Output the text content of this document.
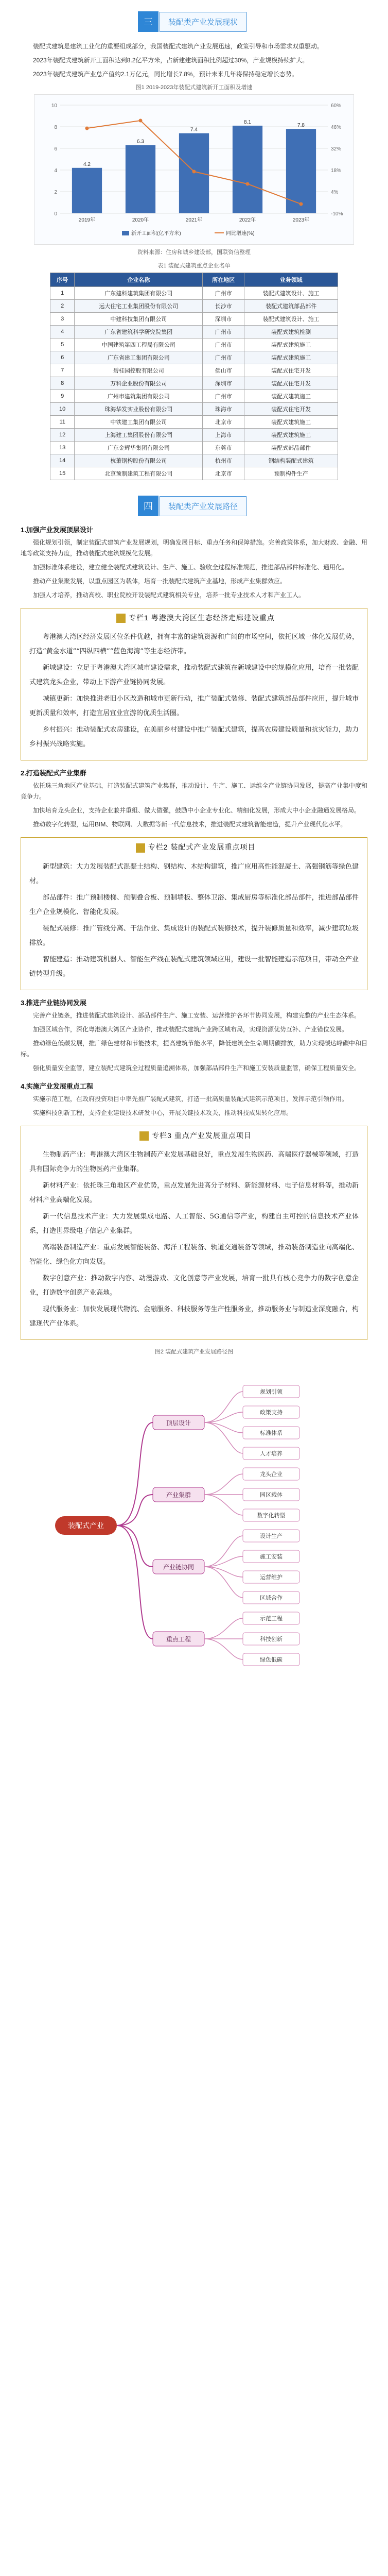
三	装配类产业发展现状

装配式建筑是建筑工业化的重要组成部分，我国装配式建筑产业发展迅速，政策引导和市场需求双重驱动。

2023年装配式建筑新开工面积达到8.2亿平方米，占新建建筑面积比例超过30%，产业规模持续扩大。

2023年装配式建筑产业总产值约2.1万亿元，同比增长7.8%，预计未来几年将保持稳定增长态势。

图1 2019-2023年装配式建筑新开工面积及增速
0	-10%
2	4%
4	18%
6	32%
8	46%
10	60%
4.2
2019年
6.3
2020年
7.4
2021年
8.1
2022年
7.8
2023年
新开工面积(亿平方米)	同比增速(%)
资料来源：住房和城乡建设部，国联资信整理
表1 装配式建筑重点企业名单
序号	企业名称	所在地区	业务领域
1	广东建科建筑集团有限公司	广州市	装配式建筑设计、施工
2	远大住宅工业集团股份有限公司	长沙市	装配式建筑部品部件
3	中建科技集团有限公司	深圳市	装配式建筑设计、施工
4	广东省建筑科学研究院集团	广州市	装配式建筑检测
5	中国建筑第四工程局有限公司	广州市	装配式建筑施工
6	广东省建工集团有限公司	广州市	装配式建筑施工
7	碧桂园控股有限公司	佛山市	装配式住宅开发
8	万科企业股份有限公司	深圳市	装配式住宅开发
9	广州市建筑集团有限公司	广州市	装配式建筑施工
10	珠海华发实业股份有限公司	珠海市	装配式住宅开发
11	中铁建工集团有限公司	北京市	装配式建筑施工
12	上海建工集团股份有限公司	上海市	装配式建筑施工
13	广东金辉华集团有限公司	东莞市	装配式部品部件
14	杭萧钢构股份有限公司	杭州市	钢结构装配式建筑
15	北京预制建筑工程有限公司	北京市	预制构件生产
四	装配类产业发展路径
1.加强产业发展顶层设计

强化规划引领，制定装配式建筑产业发展规划，明确发展目标、重点任务和保障措施。完善政策体系，加大财政、金融、用地等政策支持力度，推动装配式建筑规模化发展。

加强标准体系建设，建立健全装配式建筑设计、生产、施工、验收全过程标准规范，推进部品部件标准化、通用化。

推动产业集聚发展，以重点园区为载体，培育一批装配式建筑产业基地，形成产业集群效应。

加强人才培养，推动高校、职业院校开设装配式建筑相关专业，培养一批专业技术人才和产业工人。

专栏1 粤港澳大湾区生态经济走廊建设重点

粤港澳大湾区经济发展区位条件优越，拥有丰富的建筑资源和广阔的市场空间，依托区域一体化发展优势，打造“黄金水道”“四纵四横”“蓝色海湾”等生态经济带。

新城建设：立足于粤港澳大湾区城市建设需求，推动装配式建筑在新城建设中的规模化应用，培育一批装配式建筑龙头企业，带动上下游产业链协同发展。

城镇更新：加快推进老旧小区改造和城市更新行动，推广装配式装修、装配式建筑部品部件应用，提升城市更新质量和效率，打造宜居宜业宜游的优质生活圈。

乡村振兴：推动装配式农房建设，在美丽乡村建设中推广装配式建筑，提高农房建设质量和抗灾能力，助力乡村振兴战略实施。

2.打造装配式产业集群

依托珠三角地区产业基础，打造装配式建筑产业集群，推动设计、生产、施工、运维全产业链协同发展，提高产业集中度和竞争力。

加快培育龙头企业，支持企业兼并重组、做大做强，鼓励中小企业专业化、精细化发展，形成大中小企业融通发展格局。

推动数字化转型，运用BIM、物联网、大数据等新一代信息技术，推进装配式建筑智能建造，提升产业现代化水平。

专栏2 装配式产业发展重点项目

新型建筑：大力发展装配式混凝土结构、钢结构、木结构建筑，推广应用高性能混凝土、高强钢筋等绿色建材。

部品部件：推广预制楼梯、预制叠合板、预制墙板、整体卫浴、集成厨房等标准化部品部件，推进部品部件生产企业规模化、智能化发展。

装配式装修：推广管线分离、干法作业、集成设计的装配式装修技术，提升装修质量和效率，减少建筑垃圾排放。

智能建造：推动建筑机器人、智能生产线在装配式建筑领域应用，建设一批智能建造示范项目，带动全产业链转型升级。

3.推进产业链协同发展

完善产业链条，推进装配式建筑设计、部品部件生产、施工安装、运营维护各环节协同发展，构建完整的产业生态体系。

加强区域合作，深化粤港澳大湾区产业协作，推动装配式建筑产业跨区域布局，实现资源优势互补、产业错位发展。

推动绿色低碳发展，推广绿色建材和节能技术，提高建筑节能水平，降低建筑全生命周期碳排放，助力实现碳达峰碳中和目标。

强化质量安全监管，建立装配式建筑全过程质量追溯体系，加强部品部件生产和施工安装质量监管，确保工程质量安全。

4.实施产业发展重点工程

实施示范工程，在政府投资项目中率先推广装配式建筑，打造一批高质量装配式建筑示范项目，发挥示范引领作用。

实施科技创新工程，支持企业建设技术研发中心，开展关键技术攻关，推动科技成果转化应用。

专栏3 重点产业发展重点项目

生物制药产业：粤港澳大湾区生物制药产业发展基础良好，重点发展生物医药、高端医疗器械等领域，打造具有国际竞争力的生物医药产业集群。

新材料产业：依托珠三角地区产业优势，重点发展先进高分子材料、新能源材料、电子信息材料等，推动新材料产业高端化发展。

新一代信息技术产业：大力发展集成电路、人工智能、5G通信等产业，构建自主可控的信息技术产业体系，打造世界级电子信息产业集群。

高端装备制造产业：重点发展智能装备、海洋工程装备、轨道交通装备等领域，推动装备制造业向高端化、智能化、绿色化方向发展。

数字创意产业：推动数字内容、动漫游戏、文化创意等产业发展，培育一批具有核心竞争力的数字创意企业，打造数字创意产业高地。

现代服务业：加快发展现代物流、金融服务、科技服务等生产性服务业，推动服务业与制造业深度融合，构建现代产业体系。

图2 装配式建筑产业发展路径图
装配式产业
顶层设计
规划引领
政策支持
标准体系
人才培养
产业集群
龙头企业
园区载体
数字化转型
产业链协同
设计生产
施工安装
运营维护
区域合作
重点工程
示范工程
科技创新
绿色低碳
